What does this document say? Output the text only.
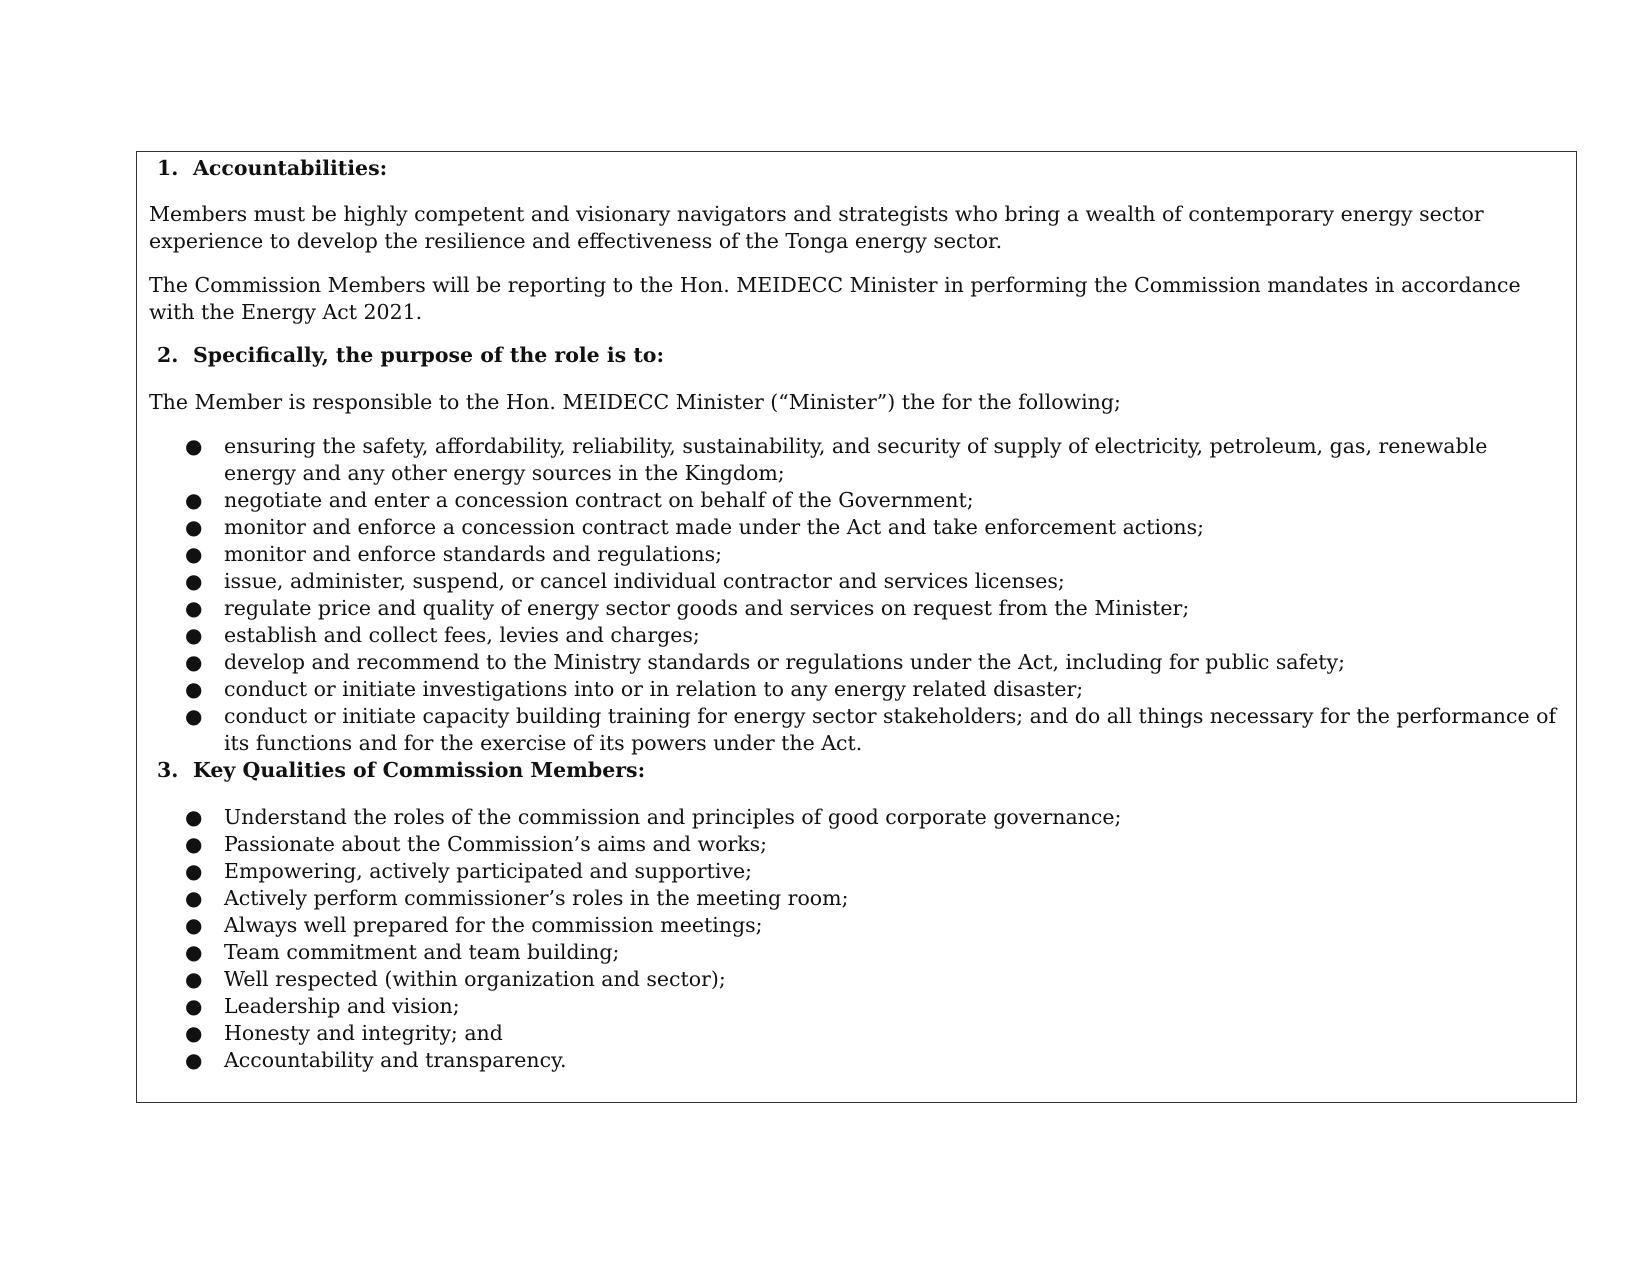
1. Accountabilities:

Members must be highly competent and visionary navigators and strategists who bring a wealth of contemporary energy sector experience to develop the resilience and effectiveness of the Tonga energy sector.

The Commission Members will be reporting to the Hon. MEIDECC Minister in performing the Commission mandates in accordance with the Energy Act 2021.

2. Specifically, the purpose of the role is to:

The Member is responsible to the Hon. MEIDECC Minister (“Minister”) the for the following;

●	ensuring the safety, affordability, reliability, sustainability, and security of supply of electricity, petroleum, gas, renewable energy and any other energy sources in the Kingdom;
●	negotiate and enter a concession contract on behalf of the Government;
●	monitor and enforce a concession contract made under the Act and take enforcement actions;
●	monitor and enforce standards and regulations;
●	issue, administer, suspend, or cancel individual contractor and services licenses;
●	regulate price and quality of energy sector goods and services on request from the Minister;
●	establish and collect fees, levies and charges;
●	develop and recommend to the Ministry standards or regulations under the Act, including for public safety;
●	conduct or initiate investigations into or in relation to any energy related disaster;
●	conduct or initiate capacity building training for energy sector stakeholders; and do all things necessary for the performance of its functions and for the exercise of its powers under the Act.
3. Key Qualities of Commission Members:
●	Understand the roles of the commission and principles of good corporate governance;
●	Passionate about the Commission’s aims and works;
●	Empowering, actively participated and supportive;
●	Actively perform commissioner’s roles in the meeting room;
●	Always well prepared for the commission meetings;
●	Team commitment and team building;
●	Well respected (within organization and sector);
●	Leadership and vision;
●	Honesty and integrity; and
●	Accountability and transparency.
